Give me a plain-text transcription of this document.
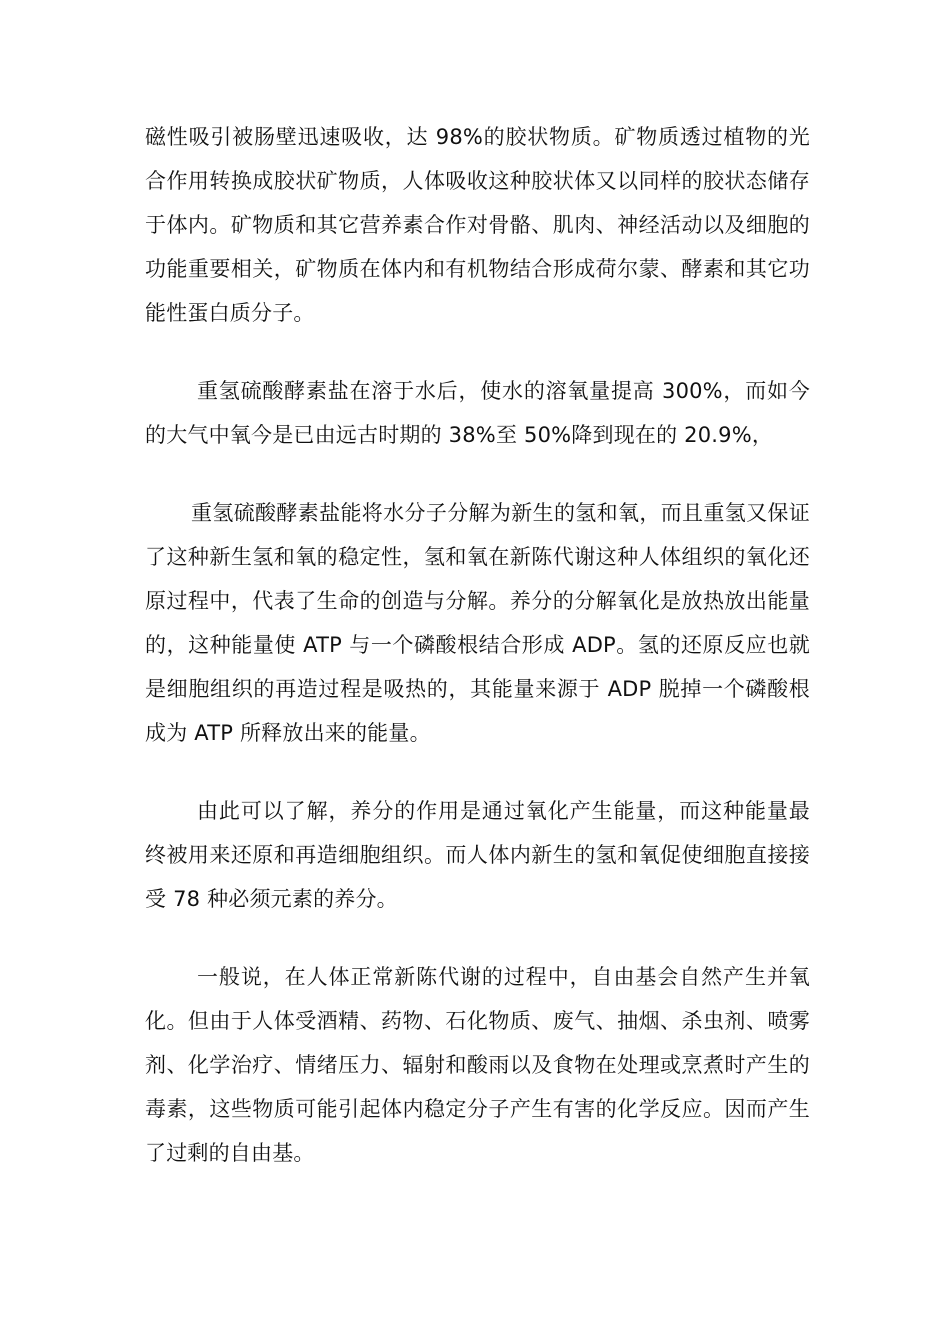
磁性吸引被肠壁迅速吸收，达 98%的胶状物质。矿物质透过植物的光合作用转换成胶状矿物质，人体吸收这种胶状体又以同样的胶状态储存于体内。矿物质和其它营养素合作对骨骼、肌肉、神经活动以及细胞的功能重要相关，矿物质在体内和有机物结合形成荷尔蒙、酵素和其它功能性蛋白质分子。

重氢硫酸酵素盐在溶于水后，使水的溶氧量提高 300%，而如今的大气中氧今是已由远古时期的 38%至 50%降到现在的 20.9%，

重氢硫酸酵素盐能将水分子分解为新生的氢和氧，而且重氢又保证了这种新生氢和氧的稳定性，氢和氧在新陈代谢这种人体组织的氧化还原过程中，代表了生命的创造与分解。养分的分解氧化是放热放出能量的，这种能量使 ATP 与一个磷酸根结合形成 ADP。氢的还原反应也就是细胞组织的再造过程是吸热的，其能量来源于 ADP 脱掉一个磷酸根成为 ATP 所释放出来的能量。

由此可以了解，养分的作用是通过氧化产生能量，而这种能量最终被用来还原和再造细胞组织。而人体内新生的氢和氧促使细胞直接接受 78 种必须元素的养分。

一般说，在人体正常新陈代谢的过程中，自由基会自然产生并氧化。但由于人体受酒精、药物、石化物质、废气、抽烟、杀虫剂、喷雾剂、化学治疗、情绪压力、辐射和酸雨以及食物在处理或烹煮时产生的毒素，这些物质可能引起体内稳定分子产生有害的化学反应。因而产生了过剩的自由基。
